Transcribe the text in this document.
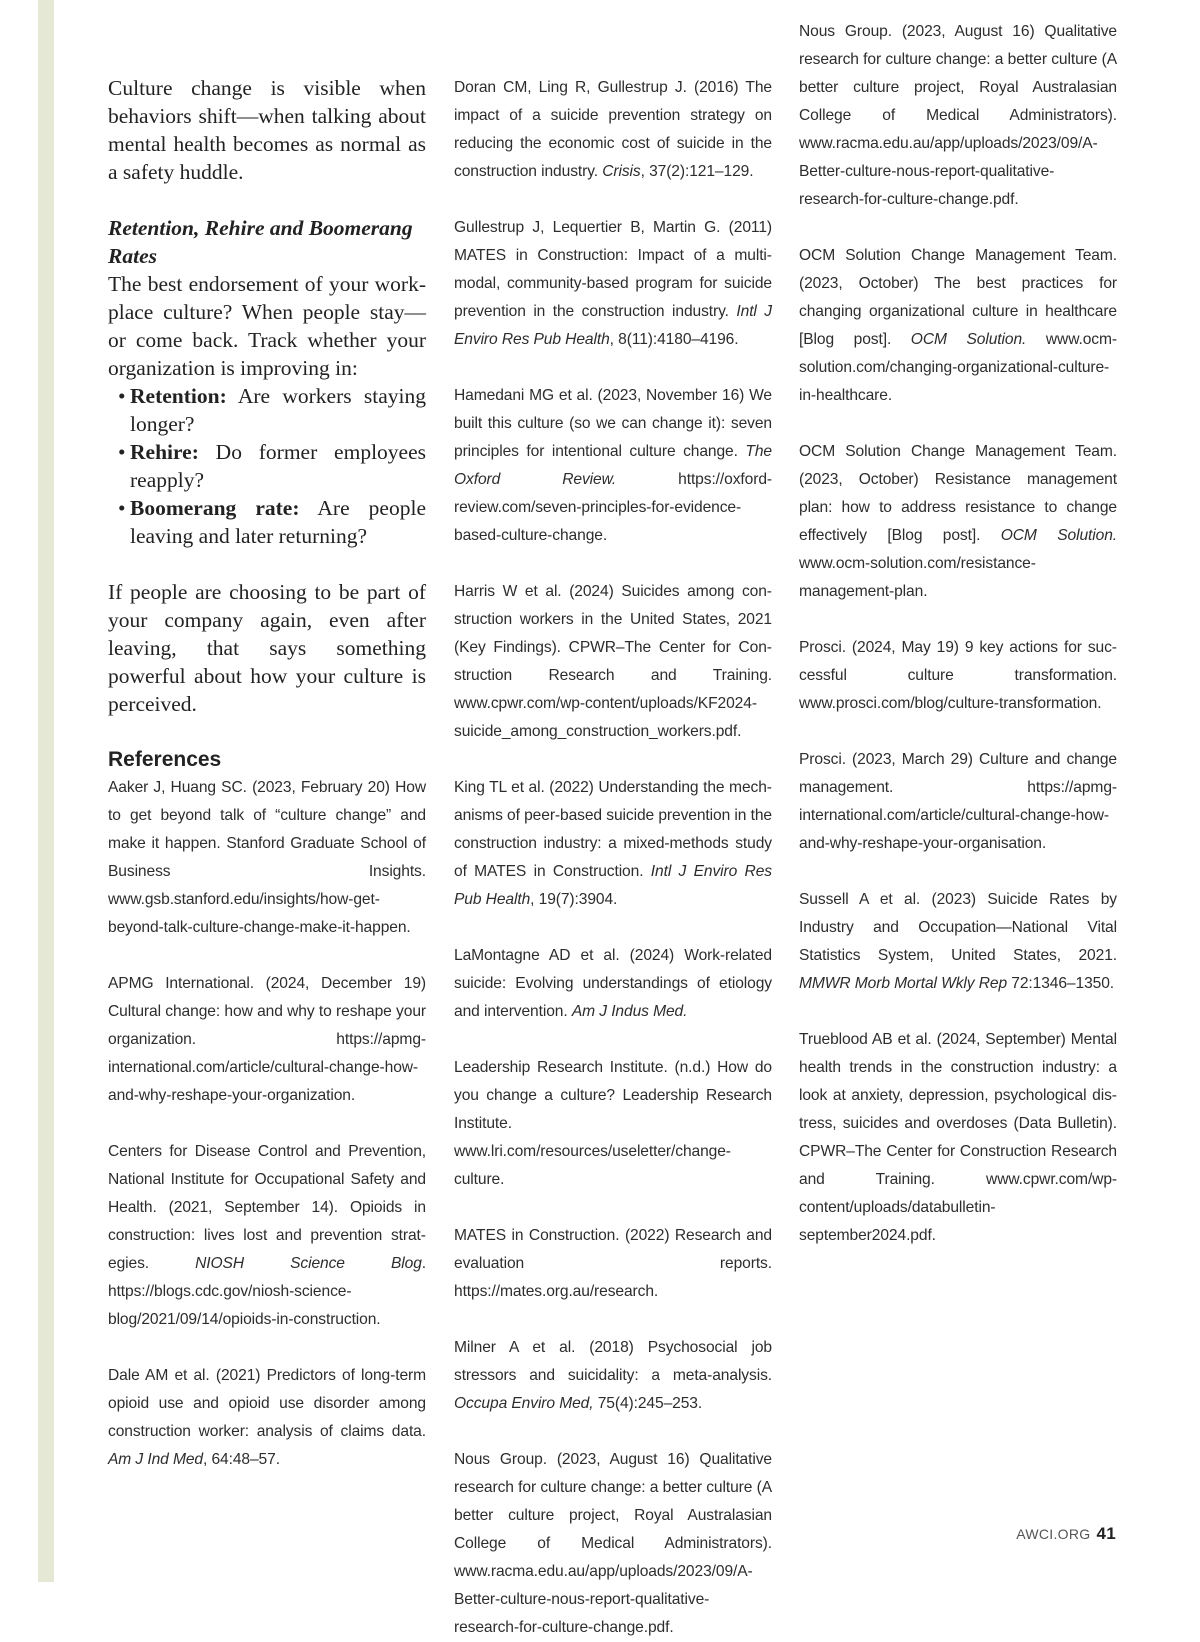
Culture change is visible when behaviors shift—when talking about mental health becomes as normal as a safety huddle.

Retention, Rehire and Boomerang Rates

The best endorsement of your workplace culture? When people stay—or come back. Track whether your organization is improving in:

• Retention: Are workers staying longer?
• Rehire: Do former employees reapply?
• Boomerang rate: Are people leaving and later returning?

If people are choosing to be part of your company again, even after leaving, that says something powerful about how your culture is perceived.

References

Aaker J, Huang SC. (2023, February 20) How to get beyond talk of “culture change” and make it happen. Stanford Graduate School of Business Insights. www.gsb.stanford.edu/insights/how-get-beyond-talk-culture-change-make-it-happen.

APMG International. (2024, December 19) Cultural change: how and why to reshape your organization. https://apmg-international.com/article/cultural-change-how-and-why-reshape-your-organization.

Centers for Disease Control and Prevention, National Institute for Occupational Safety and Health. (2021, September 14). Opioids in construction: lives lost and prevention strategies. NIOSH Science Blog. https://blogs.cdc.gov/niosh-science-blog/2021/09/14/opioids-in-construction.

Dale AM et al. (2021) Predictors of long-term opioid use and opioid use disorder among construction worker: analysis of claims data. Am J Ind Med, 64:48–57.

Doran CM, Ling R, Gullestrup J. (2016) The impact of a suicide prevention strategy on reducing the economic cost of suicide in the construction industry. Crisis, 37(2):121–129.

Gullestrup J, Lequertier B, Martin G. (2011) MATES in Construction: Impact of a multimodal, community-based program for suicide prevention in the construction industry. Intl J Enviro Res Pub Health, 8(11):4180–4196.

Hamedani MG et al. (2023, November 16) We built this culture (so we can change it): seven principles for intentional culture change. The Oxford Review. https://oxford-review.com/seven-principles-for-evidence-based-culture-change.

Harris W et al. (2024) Suicides among construction workers in the United States, 2021 (Key Findings). CPWR–The Center for Construction Research and Training. www.cpwr.com/wp-content/uploads/KF2024-suicide_among_construction_workers.pdf.

King TL et al. (2022) Understanding the mechanisms of peer-based suicide prevention in the construction industry: a mixed-methods study of MATES in Construction. Intl J Enviro Res Pub Health, 19(7):3904.

LaMontagne AD et al. (2024) Work-related suicide: Evolving understandings of etiology and intervention. Am J Indus Med.

Leadership Research Institute. (n.d.) How do you change a culture? Leadership Research Institute. www.lri.com/resources/useletter/change-culture.

MATES in Construction. (2022) Research and evaluation reports. https://mates.org.au/research.

Milner A et al. (2018) Psychosocial job stressors and suicidality: a meta-analysis. Occupa Enviro Med, 75(4):245–253.

Nous Group. (2023, August 16) Qualitative research for culture change: a better culture (A better culture project, Royal Australasian College of Medical Administrators). www.racma.edu.au/app/uploads/2023/09/A-Better-culture-nous-report-qualitative-research-for-culture-change.pdf.

Nous Group. (2023, August 16) Qualitative research for culture change: a better culture (A better culture project, Royal Australasian College of Medical Administrators). www.racma.edu.au/app/uploads/2023/09/A-Better-culture-nous-report-qualitative-research-for-culture-change.pdf.

OCM Solution Change Management Team. (2023, October) The best practices for changing organizational culture in healthcare [Blog post]. OCM Solution. www.ocm-solution.com/changing-organizational-culture-in-healthcare.

OCM Solution Change Management Team. (2023, October) Resistance management plan: how to address resistance to change effectively [Blog post]. OCM Solution. www.ocm-solution.com/resistance-management-plan.

Prosci. (2024, May 19) 9 key actions for successful culture transformation. www.prosci.com/blog/culture-transformation.

Prosci. (2023, March 29) Culture and change management. https://apmg-international.com/article/cultural-change-how-and-why-reshape-your-organisation.

Sussell A et al. (2023) Suicide Rates by Industry and Occupation—National Vital Statistics System, United States, 2021. MMWR Morb Mortal Wkly Rep 72:1346–1350.

Trueblood AB et al. (2024, September) Mental health trends in the construction industry: a look at anxiety, depression, psychological distress, suicides and overdoses (Data Bulletin). CPWR–The Center for Construction Research and Training. www.cpwr.com/wp-content/uploads/databulletin-september2024.pdf.

AWCI.ORG 41
